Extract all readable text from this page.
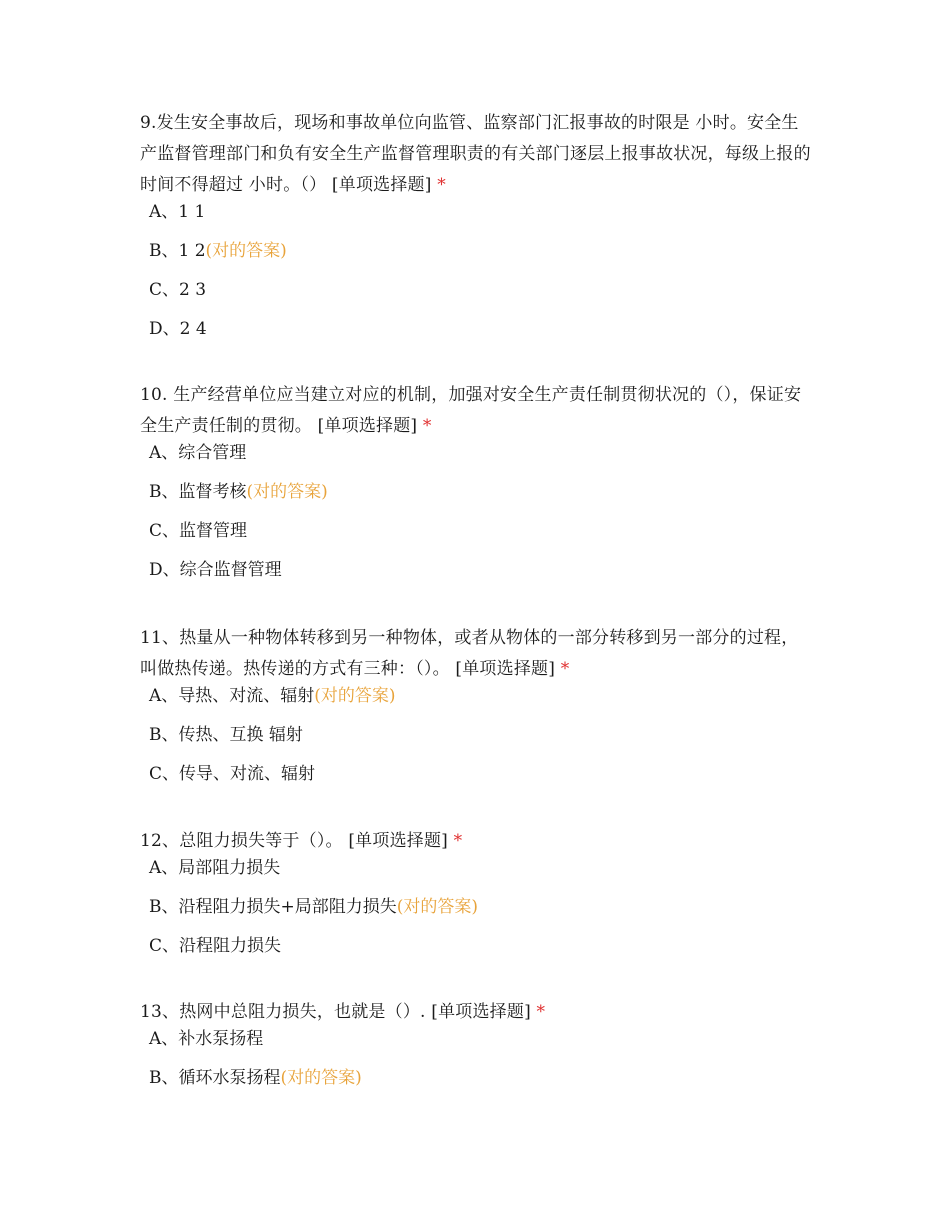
9.发生安全事故后，现场和事故单位向监管、监察部门汇报事故的时限是 小时。安全生产监督管理部门和负有安全生产监督管理职责的有关部门逐层上报事故状况，每级上报的时间不得超过 小时。（） [单项选择题] *

A、1 1

B、1 2(对的答案)

C、2 3

D、2 4

10. 生产经营单位应当建立对应的机制，加强对安全生产责任制贯彻状况的（），保证安全生产责任制的贯彻。 [单项选择题] *

A、综合管理

B、监督考核(对的答案)

C、监督管理

D、综合监督管理

11、热量从一种物体转移到另一种物体，或者从物体的一部分转移到另一部分的过程，叫做热传递。热传递的方式有三种：（）。 [单项选择题] *

A、导热、对流、辐射(对的答案)

B、传热、互换 辐射

C、传导、对流、辐射

12、总阻力损失等于（）。 [单项选择题] *

A、局部阻力损失

B、沿程阻力损失+局部阻力损失(对的答案)

C、沿程阻力损失

13、热网中总阻力损失，也就是（）. [单项选择题] *

A、补水泵扬程

B、循环水泵扬程(对的答案)
